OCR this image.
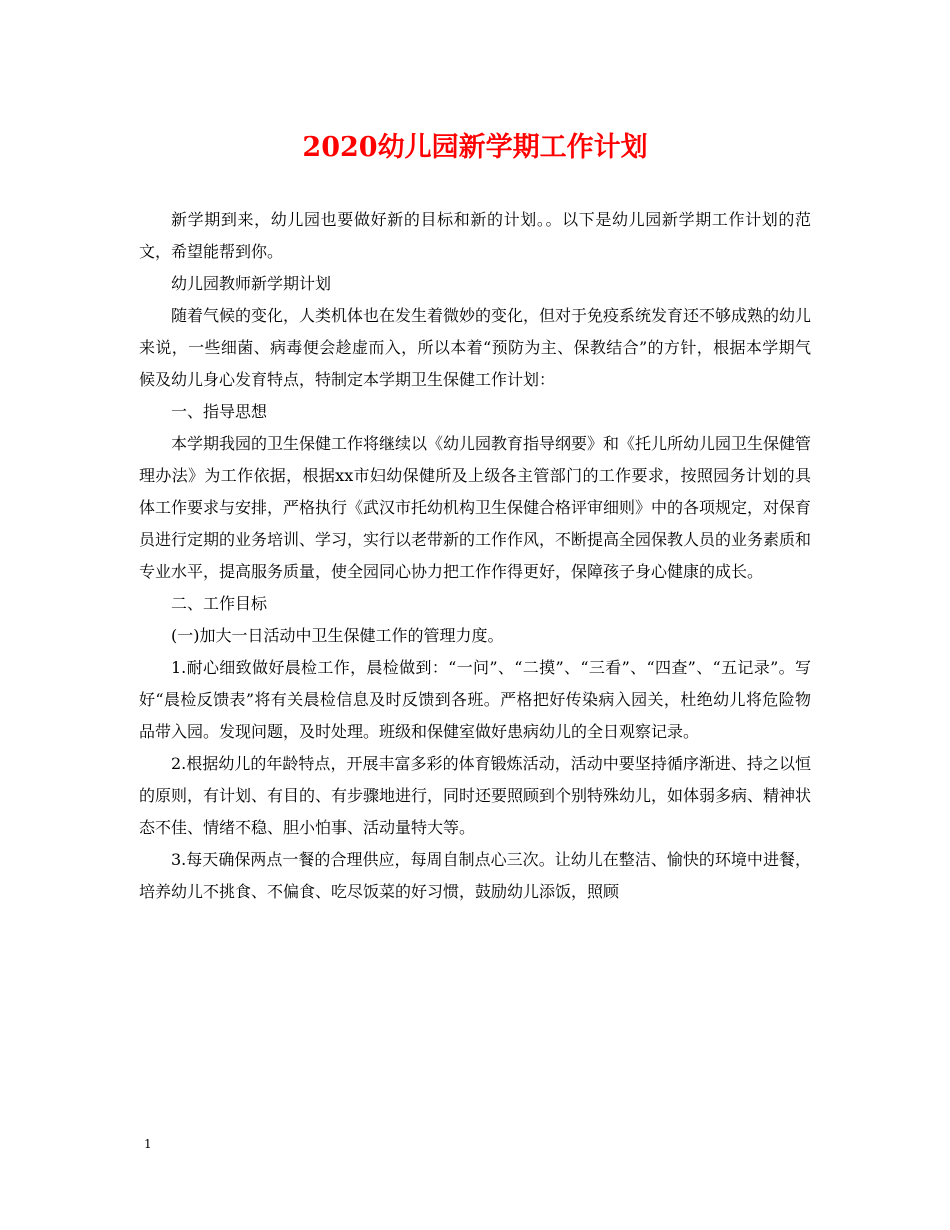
2020幼儿园新学期工作计划

新学期到来，幼儿园也要做好新的目标和新的计划。。以下是幼儿园新学期工作计划的范文，希望能帮到你。

幼儿园教师新学期计划

随着气候的变化，人类机体也在发生着微妙的变化，但对于免疫系统发育还不够成熟的幼儿来说，一些细菌、病毒便会趁虚而入，所以本着“预防为主、保教结合”的方针，根据本学期气候及幼儿身心发育特点，特制定本学期卫生保健工作计划：

一、指导思想

本学期我园的卫生保健工作将继续以《幼儿园教育指导纲要》和《托儿所幼儿园卫生保健管理办法》为工作依据，根据xx市妇幼保健所及上级各主管部门的工作要求，按照园务计划的具体工作要求与安排，严格执行《武汉市托幼机构卫生保健合格评审细则》中的各项规定，对保育员进行定期的业务培训、学习，实行以老带新的工作作风，不断提高全园保教人员的业务素质和专业水平，提高服务质量，使全园同心协力把工作作得更好，保障孩子身心健康的成长。

二、工作目标

(一)加大一日活动中卫生保健工作的管理力度。

1.耐心细致做好晨检工作，晨检做到：“一问”、“二摸”、“三看”、“四查”、“五记录”。写好“晨检反馈表”将有关晨检信息及时反馈到各班。严格把好传染病入园关，杜绝幼儿将危险物品带入园。发现问题，及时处理。班级和保健室做好患病幼儿的全日观察记录。

2.根据幼儿的年龄特点，开展丰富多彩的体育锻炼活动，活动中要坚持循序渐进、持之以恒的原则，有计划、有目的、有步骤地进行，同时还要照顾到个别特殊幼儿，如体弱多病、精神状态不佳、情绪不稳、胆小怕事、活动量特大等。

3.每天确保两点一餐的合理供应，每周自制点心三次。让幼儿在整洁、愉快的环境中进餐，培养幼儿不挑食、不偏食、吃尽饭菜的好习惯，鼓励幼儿添饭，照顾

1
